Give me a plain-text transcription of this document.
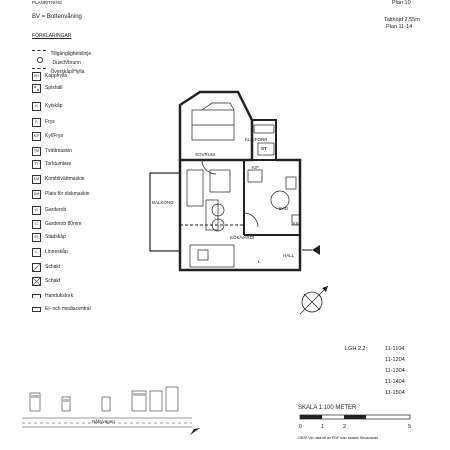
PLANRITNING
BV = Bottenvåning
Plan 10
Takhöjd 2,55m
Plan 11-14
FÖRKLARINGAR
Tillgänglighetslinje
Dusch/brunn
Överskåp/Hylla
KH	Kapphylla
Spishäll
K	Kylskåp
F	Frys
K/F	Kyl/Frys
TM	Tvättmaskin
TT	Torktumlare
KM	Kombitvättmaskin
DM	Plats för diskmaskin
G	Garderob
G	Garderob 80mm
ST	Städskåp
L	Linneskåp
Schakt
Schakt
Handukstork
El- och mediacentral
BALKONG
SOVRUM
KÖK/VARDI
BAD
HALL
KLK/FÖRR
ST
K/F
KM
L
LGH 2.2:	11-1104
11-1204
11-1304
11-1404
11-1504
Råbyvägen
SKALA 1:100 METER
0	1	2	5
OBS! Vid utskrift av PDF kan skalan förvanskas
